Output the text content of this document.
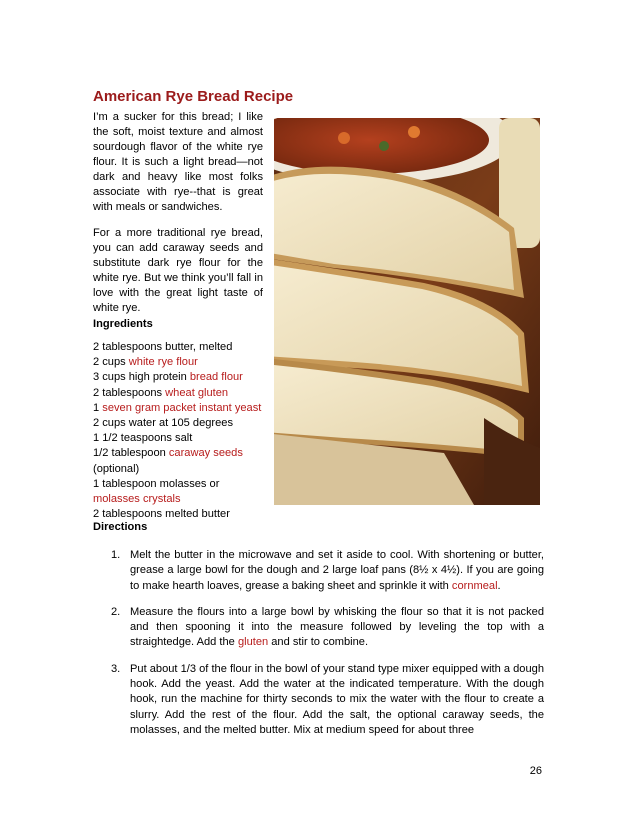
American Rye Bread Recipe

I’m a sucker for this bread; I like the soft, moist texture and almost sourdough flavor of the white rye flour. It is such a light bread—not dark and heavy like most folks associate with rye--that is great with meals or sandwiches.

For a more traditional rye bread, you can add caraway seeds and substitute dark rye flour for the white rye. But we think you’ll fall in love with the great light taste of white rye.

Ingredients
2 tablespoons butter, melted
2 cups white rye flour
3 cups high protein bread flour
2 tablespoons wheat gluten
1 seven gram packet instant yeast
2 cups water at 105 degrees
1 1/2 teaspoons salt
1/2 tablespoon caraway seeds (optional)
1 tablespoon molasses or molasses crystals
2 tablespoons melted butter
Directions
1. Melt the butter in the microwave and set it aside to cool. With shortening or butter, grease a large bowl for the dough and 2 large loaf pans (8½ x 4½). If you are going to make hearth loaves, grease a baking sheet and sprinkle it with cornmeal.
2. Measure the flours into a large bowl by whisking the flour so that it is not packed and then spooning it into the measure followed by leveling the top with a straightedge. Add the gluten and stir to combine.
3. Put about 1/3 of the flour in the bowl of your stand type mixer equipped with a dough hook. Add the yeast. Add the water at the indicated temperature. With the dough hook, run the machine for thirty seconds to mix the water with the flour to create a slurry. Add the rest of the flour. Add the salt, the optional caraway seeds, the molasses, and the melted butter. Mix at medium speed for about three
26
